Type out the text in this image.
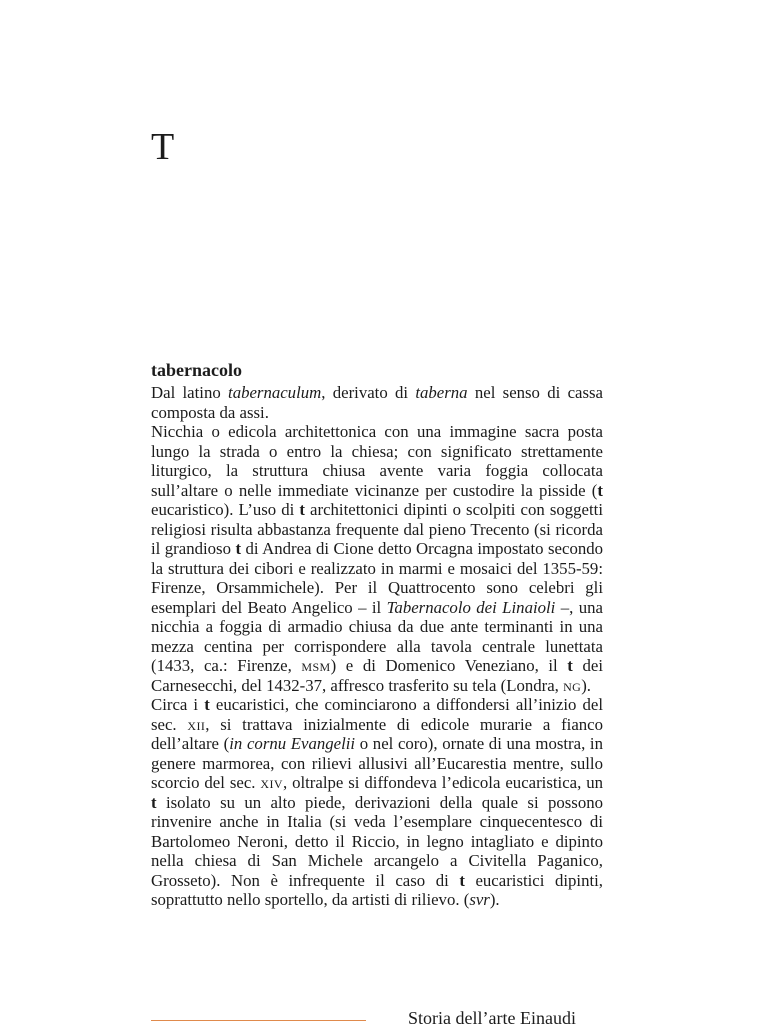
T
tabernacolo

Dal latino tabernaculum, derivato di taberna nel senso di cassa composta da assi.

Nicchia o edicola architettonica con una immagine sacra posta lungo la strada o entro la chiesa; con significato strettamente liturgico, la struttura chiusa avente varia foggia collocata sull’altare o nelle immediate vicinanze per custodire la pisside (t eucaristico). L’uso di t architettonici dipinti o scolpiti con soggetti religiosi risulta abbastanza frequente dal pieno Trecento (si ricorda il grandioso t di Andrea di Cione detto Orcagna impostato secondo la struttura dei cibori e realizzato in marmi e mosaici del 1355-59: Firenze, Orsammichele). Per il Quattrocento sono celebri gli esemplari del Beato Angelico – il Tabernacolo dei Linaioli –, una nicchia a foggia di armadio chiusa da due ante terminanti in una mezza centina per corrispondere alla tavola centrale lunettata (1433, ca.: Firenze, msm) e di Domenico Veneziano, il t dei Carnesecchi, del 1432-37, affresco trasferito su tela (Londra, ng).

Circa i t eucaristici, che cominciarono a diffondersi all’inizio del sec. xii, si trattava inizialmente di edicole murarie a fianco dell’altare (in cornu Evangelii o nel coro), ornate di una mostra, in genere marmorea, con rilievi allusivi all’Eucarestia mentre, sullo scorcio del sec. xiv, oltralpe si diffondeva l’edicola eucaristica, un t isolato su un alto piede, derivazioni della quale si possono rinvenire anche in Italia (si veda l’esemplare cinquecentesco di Bartolomeo Neroni, detto il Riccio, in legno intagliato e dipinto nella chiesa di San Michele arcangelo a Civitella Paganico, Grosseto). Non è infrequente il caso di t eucaristici dipinti, soprattutto nello sportello, da artisti di rilievo. (svr).

Storia dell’arte Einaudi
